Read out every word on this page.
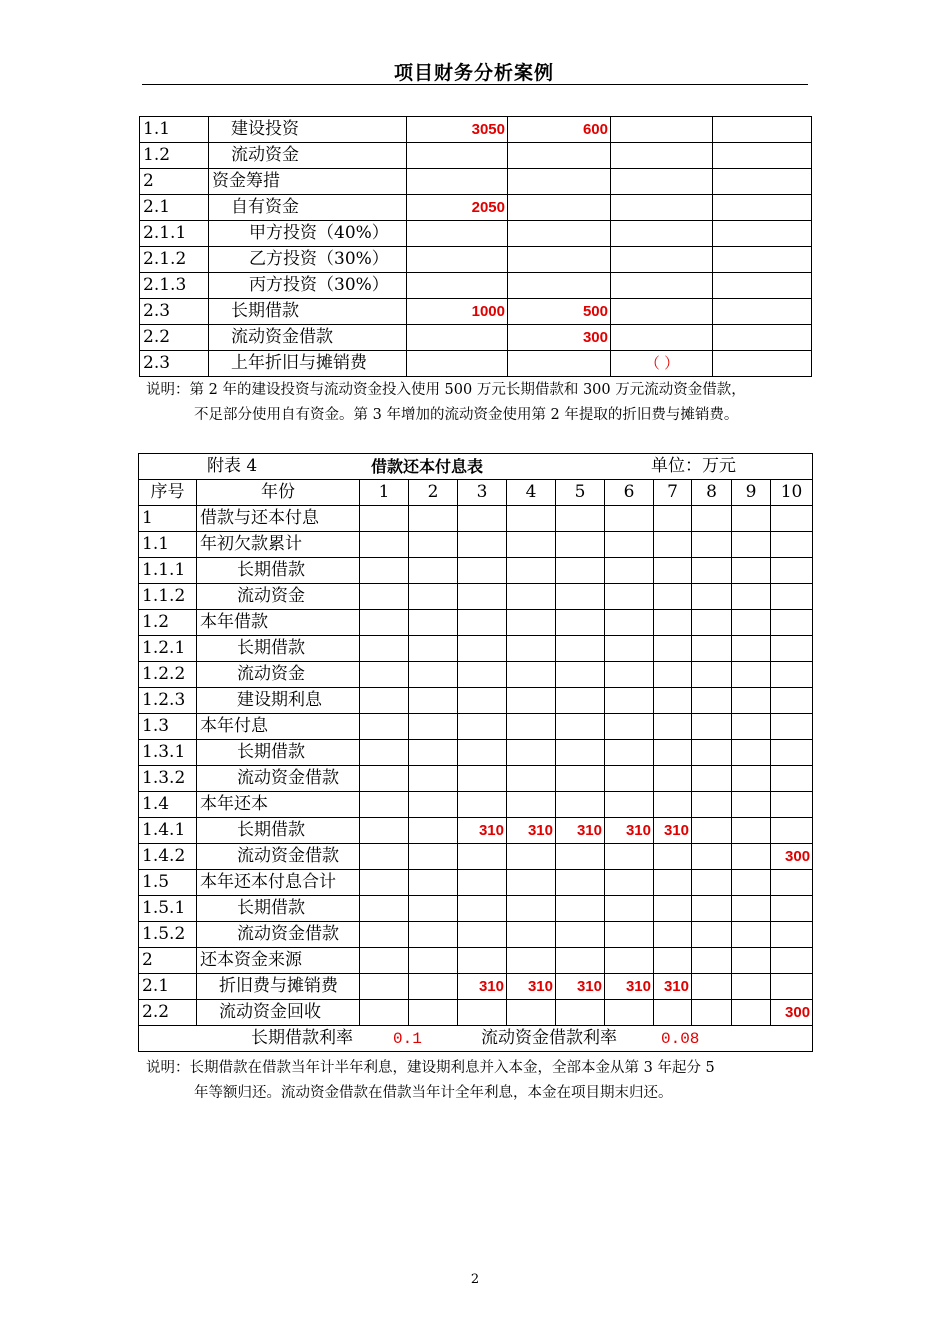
项目财务分析案例
1.1	建设投资	3050	600		
1.2	流动资金				
2	资金筹措				
2.1	自有资金	2050			
2.1.1	甲方投资（40%）				
2.1.2	乙方投资（30%）				
2.1.3	丙方投资（30%）				
2.3	长期借款	1000	500		
2.2	流动资金借款		300		
2.3	上年折旧与摊销费			（ ）	
说明：第 2 年的建设投资与流动资金投入使用 500 万元长期借款和 300 万元流动资金借款，
不足部分使用自有资金。第 3 年增加的流动资金使用第 2 年提取的折旧费与摊销费。
附表 4 借款还本付息表 单位：万元											

序号	年份	1	2	3	4	5	6	7	8	9	10
1	借款与还本付息										
1.1	年初欠款累计										
1.1.1	长期借款										
1.1.2	流动资金										
1.2	本年借款										
1.2.1	长期借款										
1.2.2	流动资金										
1.2.3	建设期利息										
1.3	本年付息										
1.3.1	长期借款										
1.3.2	流动资金借款										
1.4	本年还本										
1.4.1	长期借款			310	310	310	310	310			
1.4.2	流动资金借款										300
1.5	本年还本付息合计										
1.5.1	长期借款										
1.5.2	流动资金借款										
2	还本资金来源										
2.1	折旧费与摊销费			310	310	310	310	310			
2.2	流动资金回收										300

长期借款利率 0.1 流动资金借款利率 0.08											
说明：长期借款在借款当年计半年利息，建设期利息并入本金，全部本金从第 3 年起分 5
年等额归还。流动资金借款在借款当年计全年利息，本金在项目期末归还。
2
